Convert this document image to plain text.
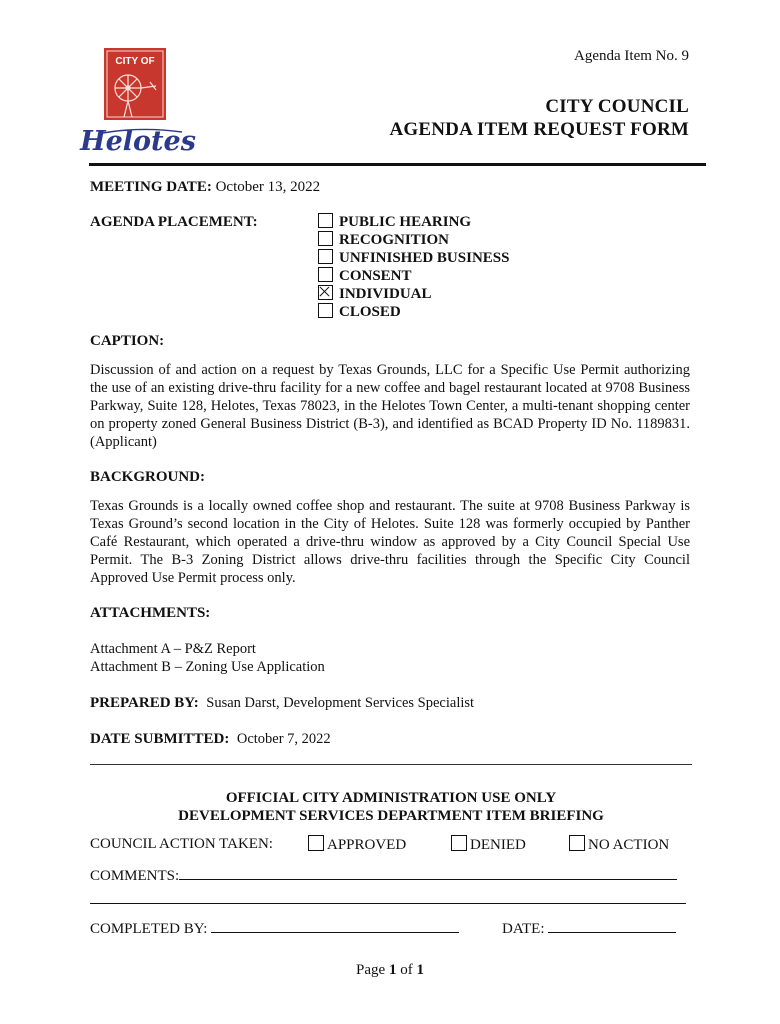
CITY OF
Helotes
Agenda Item No. 9
CITY COUNCIL
AGENDA ITEM REQUEST FORM
MEETING DATE: October 13, 2022
AGENDA PLACEMENT:	PUBLIC HEARING
RECOGNITION
UNFINISHED BUSINESS
CONSENT
INDIVIDUAL
CLOSED
CAPTION:
Discussion of and action on a request by Texas Grounds, LLC for a Specific Use Permit authorizing the use of an existing drive-thru facility for a new coffee and bagel restaurant located at 9708 Business Parkway, Suite 128, Helotes, Texas 78023, in the Helotes Town Center, a multi-tenant shopping center on property zoned General Business District (B-3), and identified as BCAD Property ID No. 1189831. (Applicant)
BACKGROUND:
Texas Grounds is a locally owned coffee shop and restaurant. The suite at 9708 Business Parkway is Texas Ground’s second location in the City of Helotes. Suite 128 was formerly occupied by Panther Café Restaurant, which operated a drive-thru window as approved by a City Council Special Use Permit. The B-3 Zoning District allows drive-thru facilities through the Specific City Council Approved Use Permit process only.
ATTACHMENTS:
Attachment A – P&Z Report
Attachment B – Zoning Use Application
PREPARED BY: Susan Darst, Development Services Specialist
DATE SUBMITTED: October 7, 2022
OFFICIAL CITY ADMINISTRATION USE ONLY
DEVELOPMENT SERVICES DEPARTMENT ITEM BRIEFING
COUNCIL ACTION TAKEN:	APPROVED	DENIED	NO ACTION
COMMENTS:
COMPLETED BY:	DATE:
Page 1 of 1
